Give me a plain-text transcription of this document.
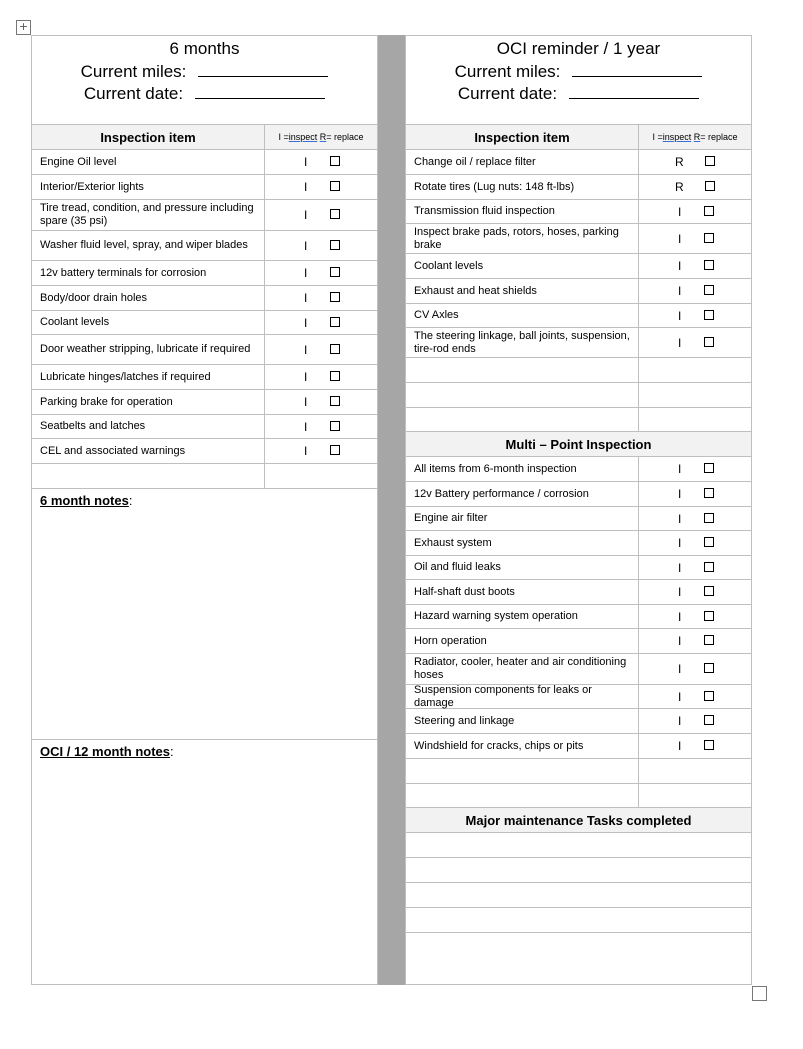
+
6 months
Current miles:
Current date:
Inspection item	I = inspect
R = replace
Engine Oil level	I
Interior/Exterior lights	I
Tire tread, condition, and pressure including spare (35 psi)	I
Washer fluid level, spray, and wiper blades	I
12v battery terminals for corrosion	I
Body/door drain holes	I
Coolant levels	I
Door weather stripping, lubricate if required	I
Lubricate hinges/latches if required	I
Parking brake for operation	I
Seatbelts and latches	I
CEL and associated warnings	I
6 month notes:
OCI / 12 month notes:
OCI reminder / 1 year
Current miles:
Current date:
Inspection item	I = inspect
R = replace
Change oil / replace filter	R
Rotate tires (Lug nuts: 148 ft-lbs)	R
Transmission fluid inspection	I
Inspect brake pads, rotors, hoses, parking brake	I
Coolant levels	I
Exhaust and heat shields	I
CV Axles	I
The steering linkage, ball joints, suspension, tire-rod ends	I
Multi – Point Inspection
All items from 6-month inspection	I
12v Battery performance / corrosion	I
Engine air filter	I
Exhaust system	I
Oil and fluid leaks	I
Half-shaft dust boots	I
Hazard warning system operation	I
Horn operation	I
Radiator, cooler, heater and air conditioning hoses	I
Suspension components for leaks or damage	I
Steering and linkage	I
Windshield for cracks, chips or pits	I
Major maintenance Tasks completed
